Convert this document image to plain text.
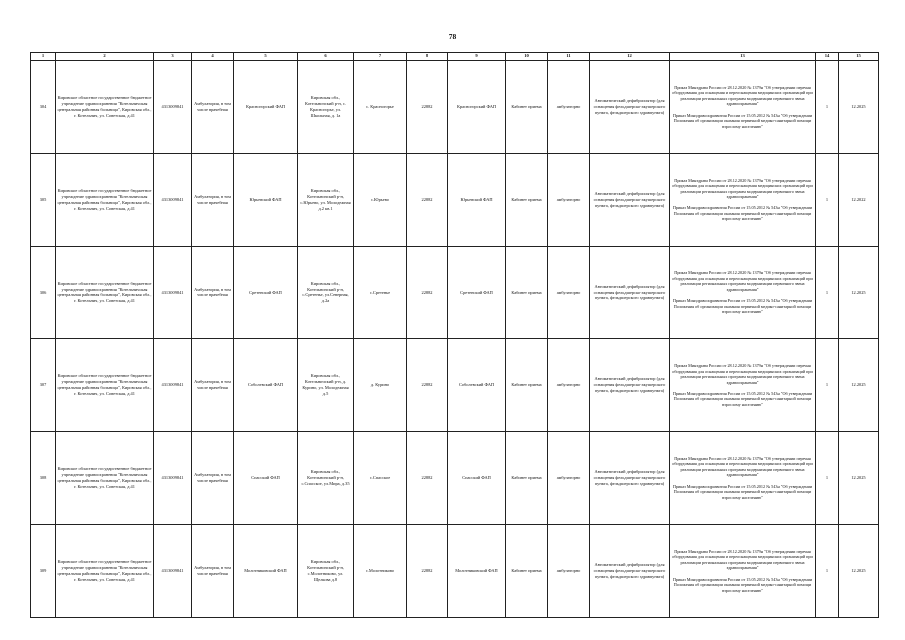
78
1	2	3	4	5	6	7	8	9	10	11	12	13	14	15
304	Кировское областное государственное бюджетное учреждение здравоохранения "Котельничская центральная районная больница", Кировская обл., г. Котельнич, ул. Советская, д.41	4313009841	Амбулатория, в том числе врачебная	Красногорский ФАП	Кировская обл., Котельничский р-н, с. Красногорье, ул. Школьная, д. 1а	с. Красногорье	22882	Красногорский ФАП	Кабинет приема	амбулаторно	Автоматический дефибриллятор (для оснащения фельдшерско-акушерского пункта, фельдшерского здравпункта)	Приказ Минздрава России от 28.12.2020 № 1379н "Об утверждении перечня оборудования для оснащения и переоснащения медицинских организаций при реализации региональных программ модернизации первичного звена здравоохранения"
Приказ Минздравсоцразвития России от 15.05.2012 № 543н "Об утверждении Положения об организации оказания первичной медико-санитарной помощи взрослому населению"	1	12.2025
305	Кировское областное государственное бюджетное учреждение здравоохранения "Котельничская центральная районная больница", Кировская обл., г. Котельнич, ул. Советская, д.41	4313009841	Амбулатория, в том числе врачебная	Юрьевский ФАП	Кировская обл., Котельничский р-н, с.Юрьево, ул. Молодежная д.2 кв.1	с.Юрьево	22882	Юрьевский ФАП	Кабинет приема	амбулаторно	Автоматический дефибриллятор (для оснащения фельдшерско-акушерского пункта, фельдшерского здравпункта)	Приказ Минздрава России от 28.12.2020 № 1379н "Об утверждении перечня оборудования для оснащения и переоснащения медицинских организаций при реализации региональных программ модернизации первичного звена здравоохранения"
Приказ Минздравсоцразвития России от 15.05.2012 № 543н "Об утверждении Положения об организации оказания первичной медико-санитарной помощи взрослому населению"	1	12.2022
306	Кировское областное государственное бюджетное учреждение здравоохранения "Котельничская центральная районная больница", Кировская обл., г. Котельнич, ул. Советская, д.41	4313009841	Амбулатория, в том числе врачебная	Сретенский ФАП	Кировская обл., Котельничский р-н, с.Сретенье, ул.Северная, д.2а	с.Сретенье	22882	Сретенский ФАП	Кабинет приема	амбулаторно	Автоматический дефибриллятор (для оснащения фельдшерско-акушерского пункта, фельдшерского здравпункта)	Приказ Минздрава России от 28.12.2020 № 1379н "Об утверждении перечня оборудования для оснащения и переоснащения медицинских организаций при реализации региональных программ модернизации первичного звена здравоохранения"
Приказ Минздравсоцразвития России от 15.05.2012 № 543н "Об утверждении Положения об организации оказания первичной медико-санитарной помощи взрослому населению"	1	12.2025
307	Кировское областное государственное бюджетное учреждение здравоохранения "Котельничская центральная районная больница", Кировская обл., г. Котельнич, ул. Советская, д.41	4313009841	Амбулатория, в том числе врачебная	Соболевский ФАП	Кировская обл., Котельничский р-н, д. Курино, ул. Молодежная д.5	д. Курино	22882	Соболевский ФАП	Кабинет приема	амбулаторно	Автоматический дефибриллятор (для оснащения фельдшерско-акушерского пункта, фельдшерского здравпункта)	Приказ Минздрава России от 28.12.2020 № 1379н "Об утверждении перечня оборудования для оснащения и переоснащения медицинских организаций при реализации региональных программ модернизации первичного звена здравоохранения"
Приказ Минздравсоцразвития России от 15.05.2012 № 543н "Об утверждении Положения об организации оказания первичной медико-санитарной помощи взрослому населению"	1	12.2025
308	Кировское областное государственное бюджетное учреждение здравоохранения "Котельничская центральная районная больница", Кировская обл., г. Котельнич, ул. Советская, д.41	4313009841	Амбулатория, в том числе врачебная	Спасский ФАП	Кировская обл., Котельничский р-н, с.Спасское, ул.Мира, д.35	с.Спасское	22882	Спасский ФАП	Кабинет приема	амбулаторно	Автоматический дефибриллятор (для оснащения фельдшерско-акушерского пункта, фельдшерского здравпункта)	Приказ Минздрава России от 28.12.2020 № 1379н "Об утверждении перечня оборудования для оснащения и переоснащения медицинских организаций при реализации региональных программ модернизации первичного звена здравоохранения"
Приказ Минздравсоцразвития России от 15.05.2012 № 543н "Об утверждении Положения об организации оказания первичной медико-санитарной помощи взрослому населению"	1	12.2025
309	Кировское областное государственное бюджетное учреждение здравоохранения "Котельничская центральная районная больница", Кировская обл., г. Котельнич, ул. Советская, д.41	4313009841	Амбулатория, в том числе врачебная	Молотниковский ФАП	Кировская обл., Котельничский р-н, с.Молотниково, ул. Щелкова д.8	с.Молотниково	22882	Молотниковский ФАП	Кабинет приема	амбулаторно	Автоматический дефибриллятор (для оснащения фельдшерско-акушерского пункта, фельдшерского здравпункта)	Приказ Минздрава России от 28.12.2020 № 1379н "Об утверждении перечня оборудования для оснащения и переоснащения медицинских организаций при реализации региональных программ модернизации первичного звена здравоохранения"
Приказ Минздравсоцразвития России от 15.05.2012 № 543н "Об утверждении Положения об организации оказания первичной медико-санитарной помощи взрослому населению"	1	12.2025
